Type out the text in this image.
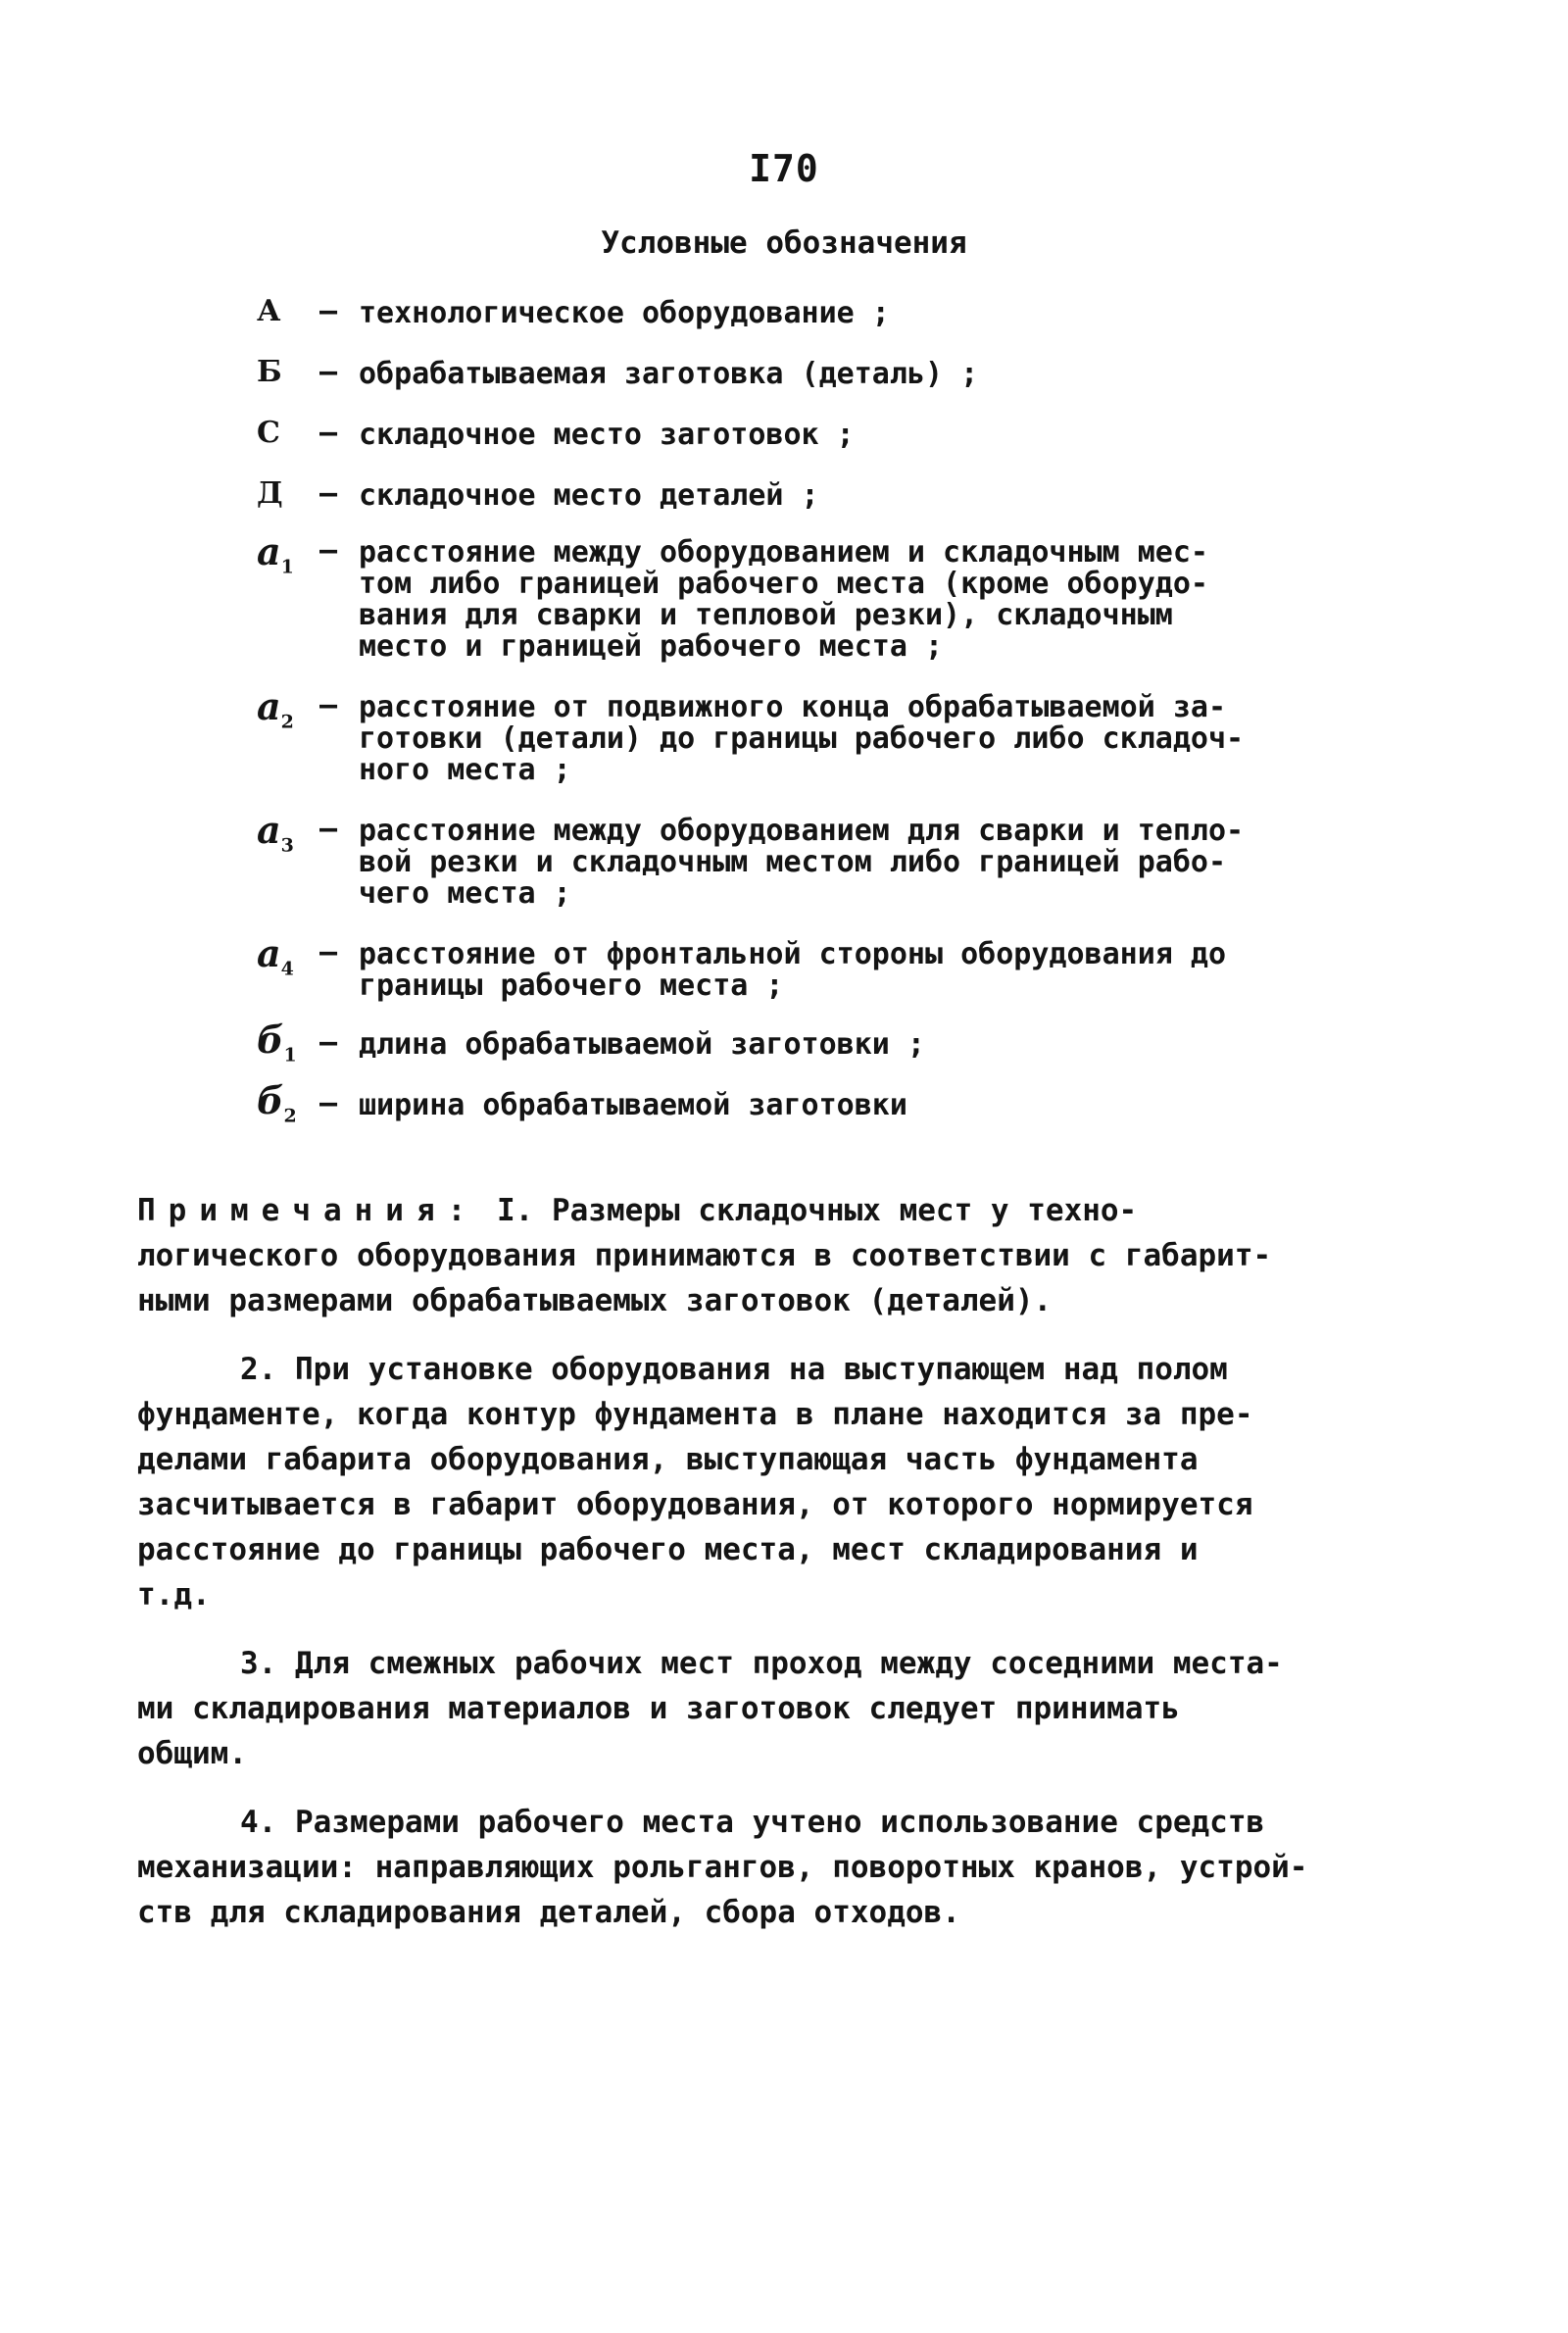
I70
Условные обозначения
А	– технологическое оборудование ;
Б	– обрабатываемая заготовка (деталь) ;
С	– складочное место заготовок ;
Д	– складочное место деталей ;
$а_1$ – расстояние между оборудованием и складочным мес-
том либо границей рабочего места (кроме оборудо-
вания для сварки и тепловой резки), складочным
место и границей рабочего места ;
$а_2$ – расстояние от подвижного конца обрабатываемой за-
готовки (детали) до границы рабочего либо складоч-
ного места ;
$а_3$ – расстояние между оборудованием для сварки и тепло-
вой резки и складочным местом либо границей рабо-
чего места ;
$а_4$ – расстояние от фронтальной стороны оборудования до
границы рабочего места ;
$б_1$ – длина обрабатываемой заготовки ;
$б_2$ – ширина обрабатываемой заготовки
Примечания: I. Размеры складочных мест у техно-
логического оборудования принимаются в соответствии с габарит-
ными размерами обрабатываемых заготовок (деталей).
2. При установке оборудования на выступающем над полом
фундаменте, когда контур фундамента в плане находится за пре-
делами габарита оборудования, выступающая часть фундамента
засчитывается в габарит оборудования, от которого нормируется
расстояние до границы рабочего места, мест складирования и
т.д.
3. Для смежных рабочих мест проход между соседними места-
ми складирования материалов и заготовок следует принимать
общим.
4. Размерами рабочего места учтено использование средств
механизации: направляющих рольгангов, поворотных кранов, устрой-
ств для складирования деталей, сбора отходов.
